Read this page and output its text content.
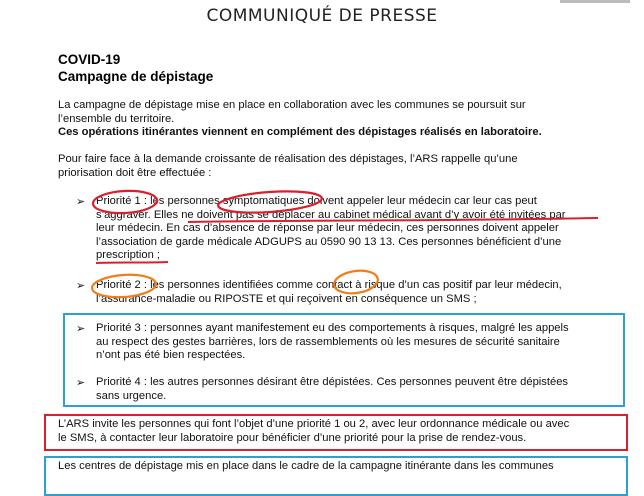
COMMUNIQUÉ DE PRESSE
COVID-19
Campagne de dépistage
La campagne de dépistage mise en place en collaboration avec les communes se poursuit sur
l’ensemble du territoire.
Ces opérations itinérantes viennent en complément des dépistages réalisés en laboratoire.
Pour faire face à la demande croissante de réalisation des dépistages, l’ARS rappelle qu’une
priorisation doit être effectuée :
➢ Priorité 1 : les personnes symptomatiques doivent appeler leur médecin car leur cas peut
s’aggraver. Elles ne doivent pas se déplacer au cabinet médical avant d’y avoir été invitées par
leur médecin. En cas d’absence de réponse par leur médecin, ces personnes doivent appeler
l’association de garde médicale ADGUPS au 0590 90 13 13. Ces personnes bénéficient d’une
prescription ;
➢ Priorité 2 : les personnes identifiées comme contact à risque d’un cas positif par leur médecin,
l’assurance-maladie ou RIPOSTE et qui reçoivent en conséquence un SMS ;
➢ Priorité 3 : personnes ayant manifestement eu des comportements à risques, malgré les appels
au respect des gestes barrières, lors de rassemblements où les mesures de sécurité sanitaire
n’ont pas été bien respectées.
➢ Priorité 4 : les autres personnes désirant être dépistées. Ces personnes peuvent être dépistées
sans urgence.
L’ARS invite les personnes qui font l’objet d’une priorité 1 ou 2, avec leur ordonnance médicale ou avec
le SMS, à contacter leur laboratoire pour bénéficier d’une priorité pour la prise de rendez-vous.
Les centres de dépistage mis en place dans le cadre de la campagne itinérante dans les communes
